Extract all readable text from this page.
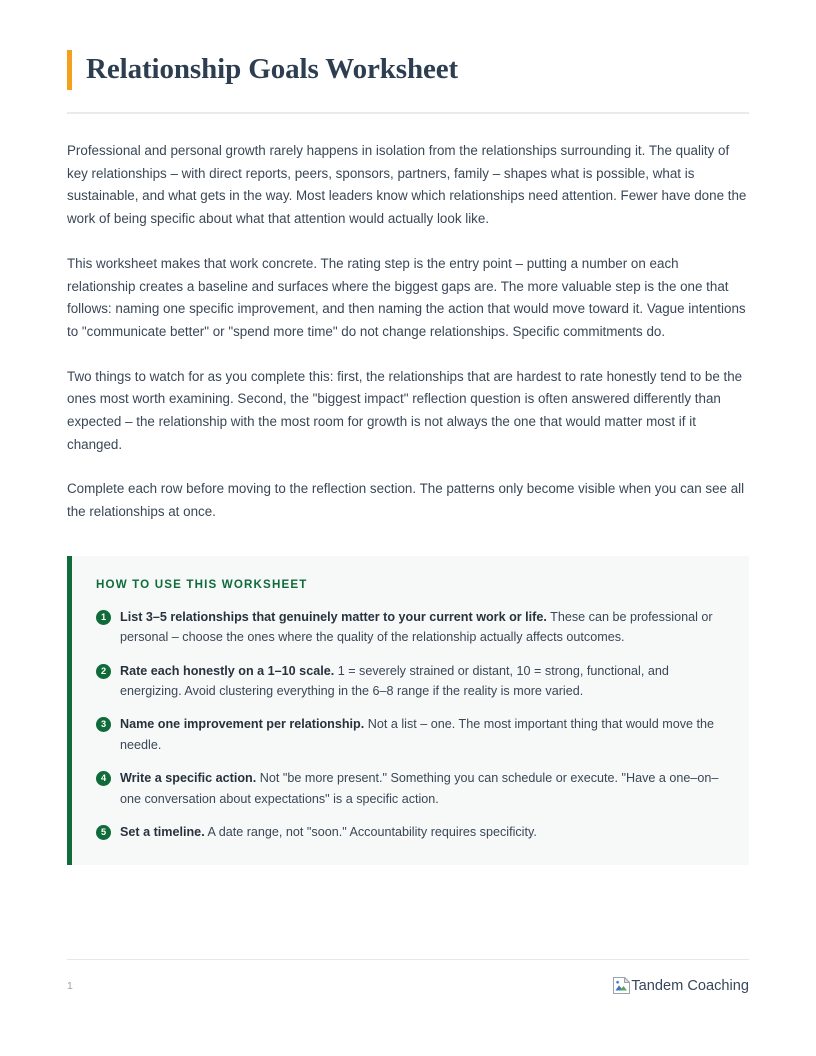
Relationship Goals Worksheet

Professional and personal growth rarely happens in isolation from the relationships surrounding it. The quality of key relationships – with direct reports, peers, sponsors, partners, family – shapes what is possible, what is sustainable, and what gets in the way. Most leaders know which relationships need attention. Fewer have done the work of being specific about what that attention would actually look like.

This worksheet makes that work concrete. The rating step is the entry point – putting a number on each relationship creates a baseline and surfaces where the biggest gaps are. The more valuable step is the one that follows: naming one specific improvement, and then naming the action that would move toward it. Vague intentions to "communicate better" or "spend more time" do not change relationships. Specific commitments do.

Two things to watch for as you complete this: first, the relationships that are hardest to rate honestly tend to be the ones most worth examining. Second, the "biggest impact" reflection question is often answered differently than expected – the relationship with the most room for growth is not always the one that would matter most if it changed.

Complete each row before moving to the reflection section. The patterns only become visible when you can see all the relationships at once.

HOW TO USE THIS WORKSHEET
1	List 3–5 relationships that genuinely matter to your current work or life. These can be professional or personal – choose the ones where the quality of the relationship actually affects outcomes.
2	Rate each honestly on a 1–10 scale. 1 = severely strained or distant, 10 = strong, functional, and energizing. Avoid clustering everything in the 6–8 range if the reality is more varied.
3	Name one improvement per relationship. Not a list – one. The most important thing that would move the needle.
4	Write a specific action. Not "be more present." Something you can schedule or execute. "Have a one–on–one conversation about expectations" is a specific action.
5	Set a timeline. A date range, not "soon." Accountability requires specificity.
1	Tandem Coaching
